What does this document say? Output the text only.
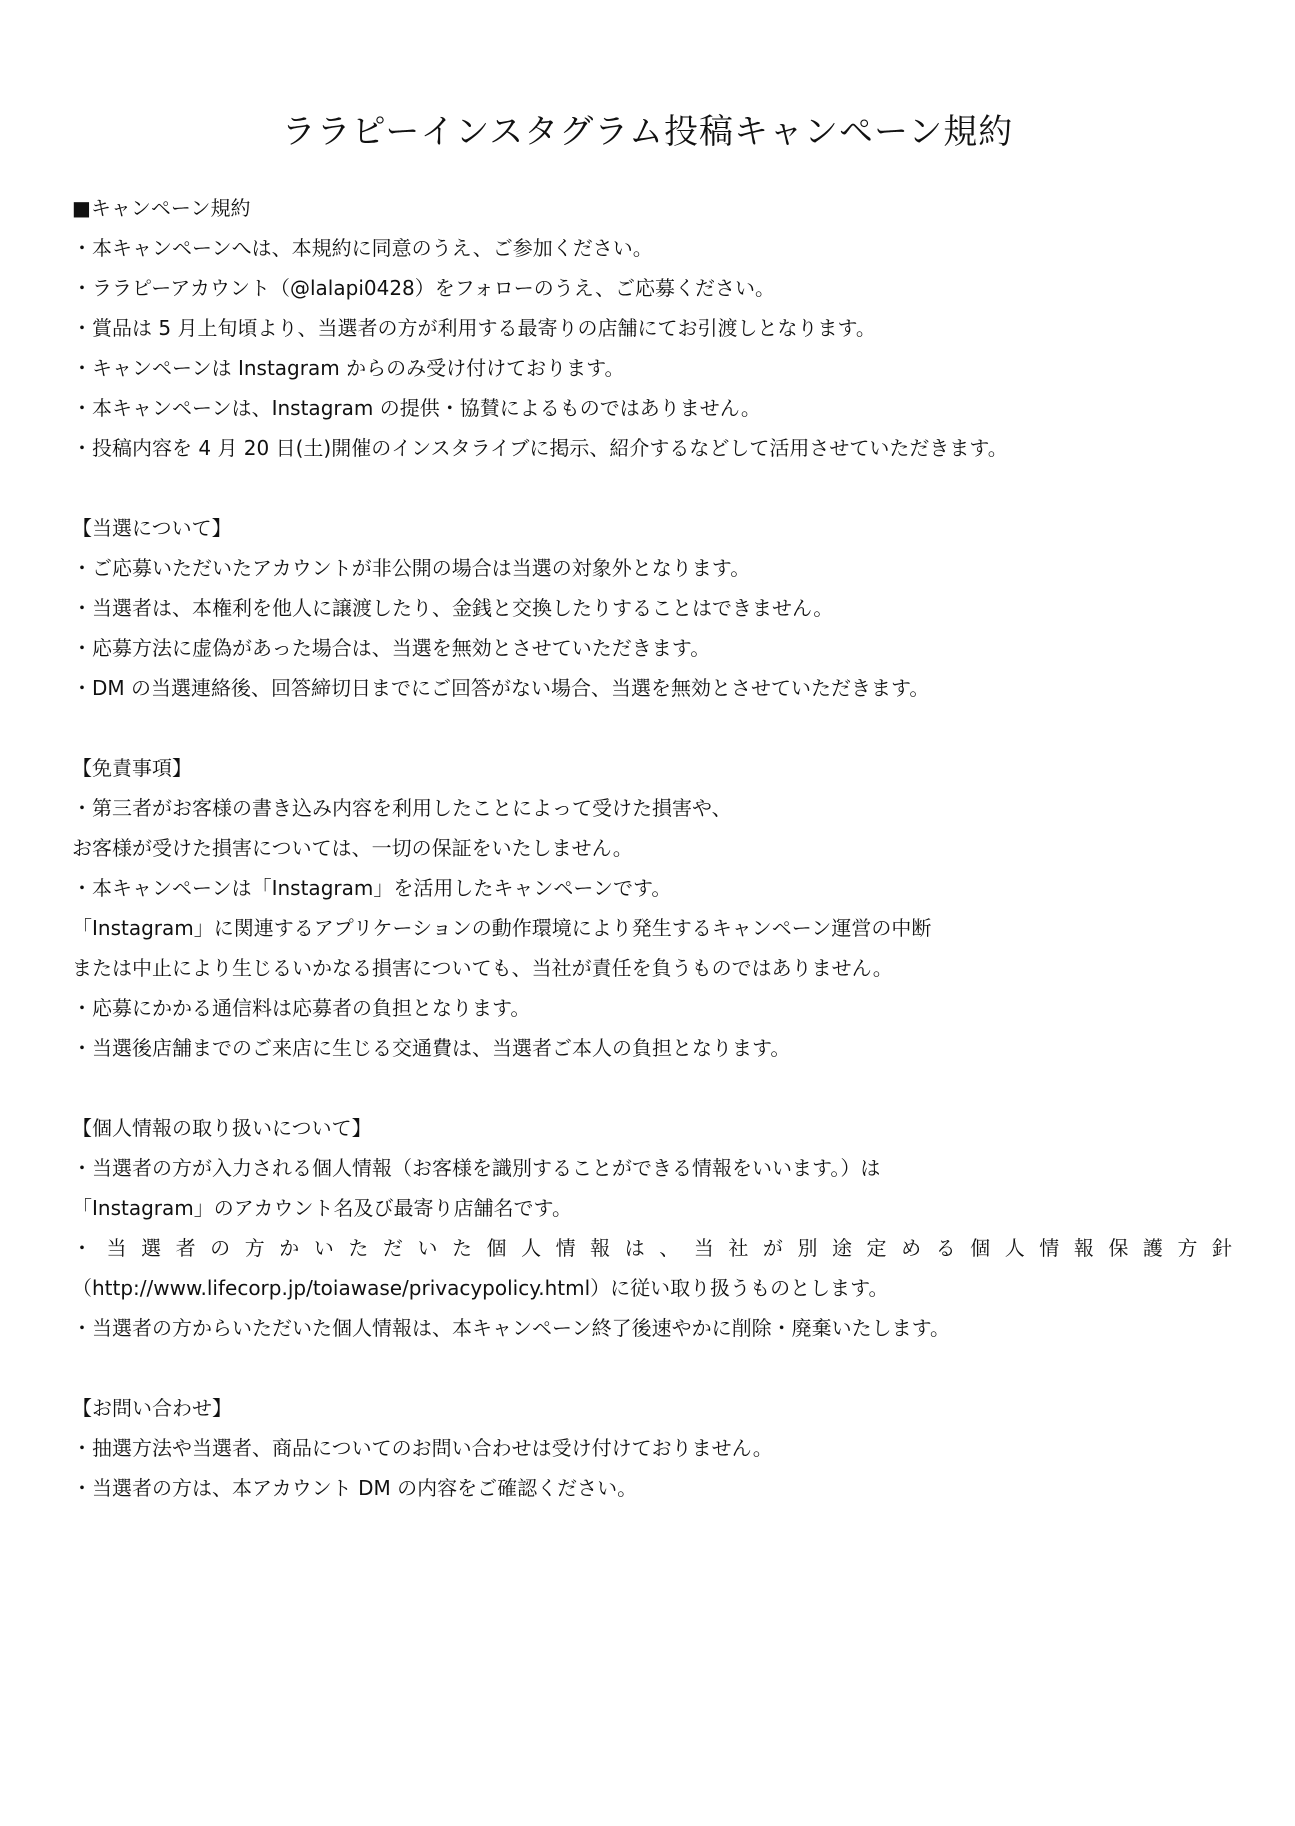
ララピーインスタグラム投稿キャンペーン規約

■キャンペーン規約

・本キャンペーンへは、本規約に同意のうえ、ご参加ください。

・ララピーアカウント（@lalapi0428）をフォローのうえ、ご応募ください。

・賞品は 5 月上旬頃より、当選者の方が利用する最寄りの店舗にてお引渡しとなります。

・キャンペーンは Instagram からのみ受け付けております。

・本キャンペーンは、Instagram の提供・協賛によるものではありません。

・投稿内容を 4 月 20 日(土)開催のインスタライブに掲示、紹介するなどして活用させていただきます。

【当選について】

・ご応募いただいたアカウントが非公開の場合は当選の対象外となります。

・当選者は、本権利を他人に譲渡したり、金銭と交換したりすることはできません。

・応募方法に虚偽があった場合は、当選を無効とさせていただきます。

・DM の当選連絡後、回答締切日までにご回答がない場合、当選を無効とさせていただきます。

【免責事項】

・第三者がお客様の書き込み内容を利用したことによって受けた損害や、

お客様が受けた損害については、一切の保証をいたしません。

・本キャンペーンは「Instagram」を活用したキャンペーンです。

「Instagram」に関連するアプリケーションの動作環境により発生するキャンペーン運営の中断

または中止により生じるいかなる損害についても、当社が責任を負うものではありません。

・応募にかかる通信料は応募者の負担となります。

・当選後店舗までのご来店に生じる交通費は、当選者ご本人の負担となります。

【個人情報の取り扱いについて】

・当選者の方が入力される個人情報（お客様を識別することができる情報をいいます。）は

「Instagram」のアカウント名及び最寄り店舗名です。

・ 当 選 者 の 方 か い た だ い た 個 人 情 報 は 、 当 社 が 別 途 定 め る 個 人 情 報 保 護 方 針

（http://www.lifecorp.jp/toiawase/privacypolicy.html）に従い取り扱うものとします。

・当選者の方からいただいた個人情報は、本キャンペーン終了後速やかに削除・廃棄いたします。

【お問い合わせ】

・抽選方法や当選者、商品についてのお問い合わせは受け付けておりません。

・当選者の方は、本アカウント DM の内容をご確認ください。
